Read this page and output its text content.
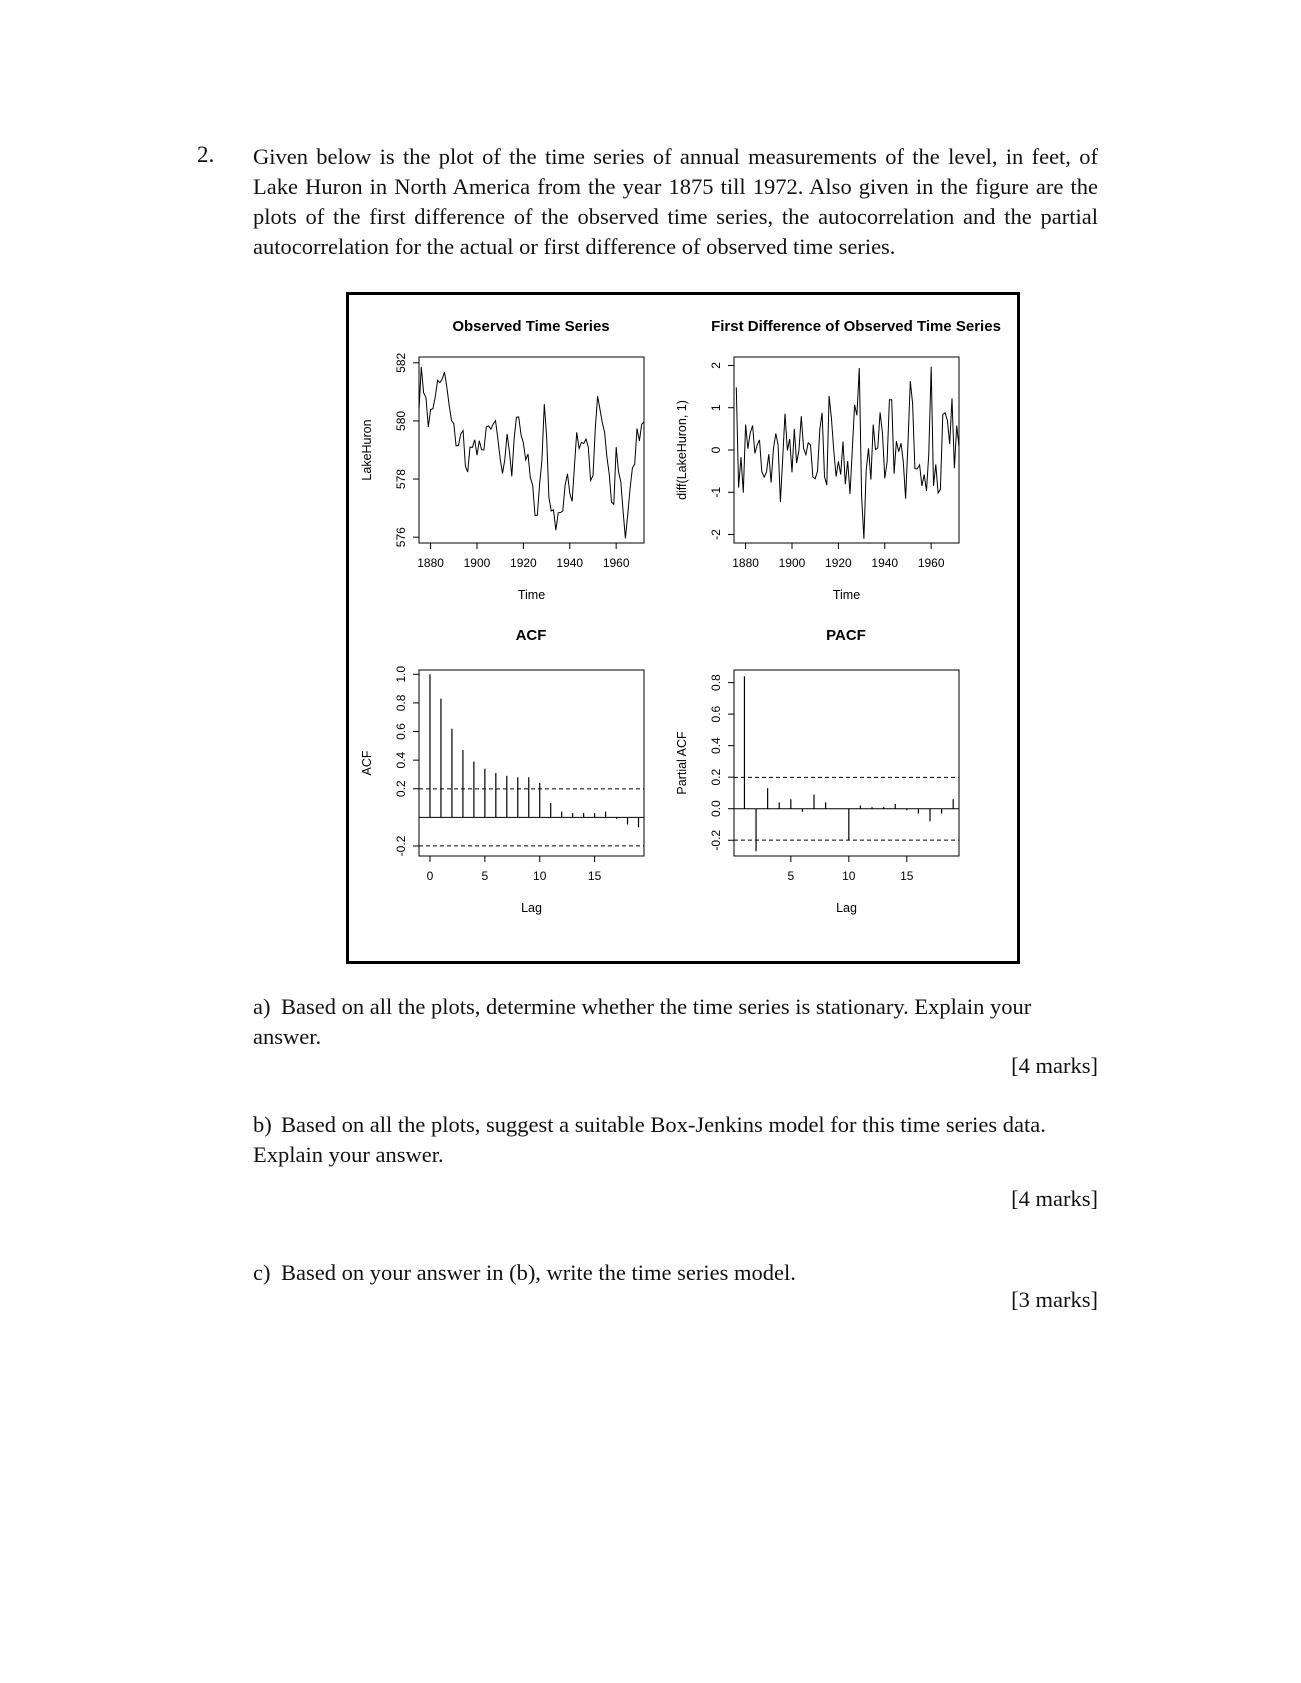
2. Given below is the plot of the time series of annual measurements of the level, in feet, of Lake Huron in North America from the year 1875 till 1972. Also given in the figure are the plots of the first difference of the observed time series, the autocorrelation and the partial autocorrelation for the actual or first difference of observed time series.
Observed Time Series
1880 1900 1920 1940 1960
576
578
580
582
Time
LakeHuron
First Difference of Observed Time Series
1880 1900 1920 1940 1960
-2
-1
0
1
2
Time
diff(LakeHuron, 1)
ACF
0	5	10	15
-0.2
0.2
0.4
0.6
0.8
1.0
Lag
ACF
PACF
5	10	15
-0.2
0.0
0.2
0.4
0.6
0.8
Lag
Partial ACF
a) Based on all the plots, determine whether the time series is stationary. Explain your answer.
[4 marks]
b) Based on all the plots, suggest a suitable Box-Jenkins model for this time series data. Explain your answer.
[4 marks]
c) Based on your answer in (b), write the time series model.
[3 marks]
